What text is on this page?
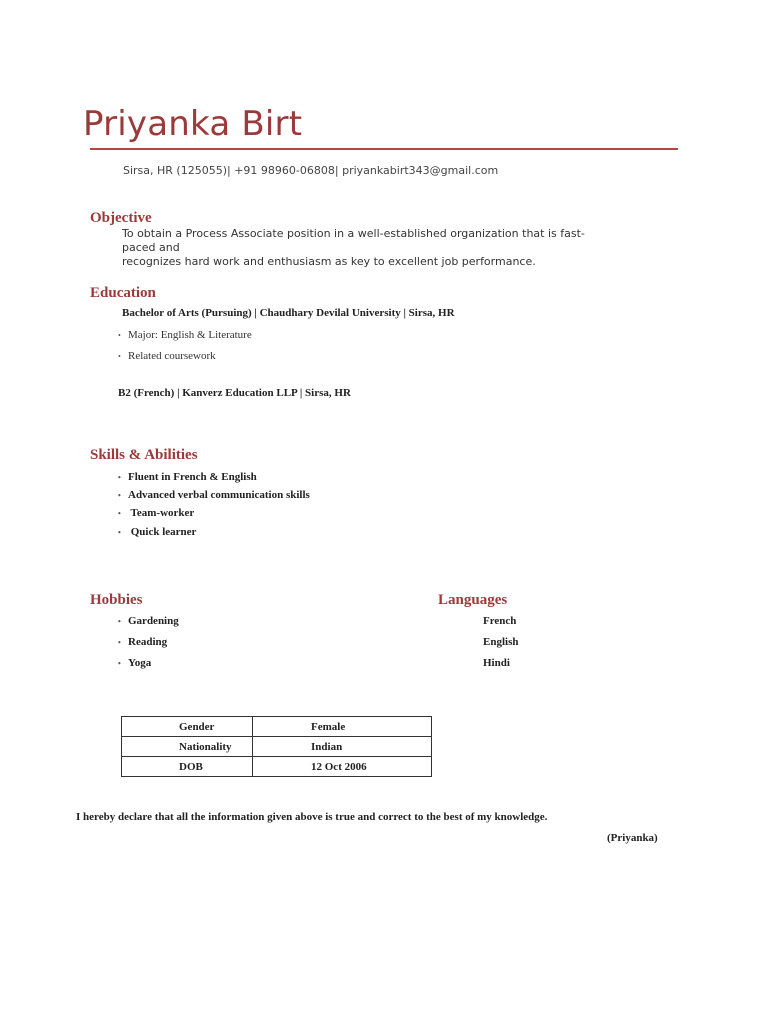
Priyanka Birt
Sirsa, HR (125055)| +91 98960-06808| priyankabirt343@gmail.com
Objective
To obtain a Process Associate position in a well-established organization that is fast-paced and
recognizes hard work and enthusiasm as key to excellent job performance.
Education
Bachelor of Arts (Pursuing) | Chaudhary Devilal University | Sirsa, HR
• Major: English & Literature
• Related coursework
B2 (French) | Kanverz Education LLP | Sirsa, HR
Skills & Abilities
• Fluent in French & English
• Advanced verbal communication skills
• Team-worker
• Quick learner
Hobbies
• Gardening
• Reading
• Yoga
Languages
French
English
Hindi
Gender	Female
Nationality	Indian
DOB	12 Oct 2006
I hereby declare that all the information given above is true and correct to the best of my knowledge.
(Priyanka)
